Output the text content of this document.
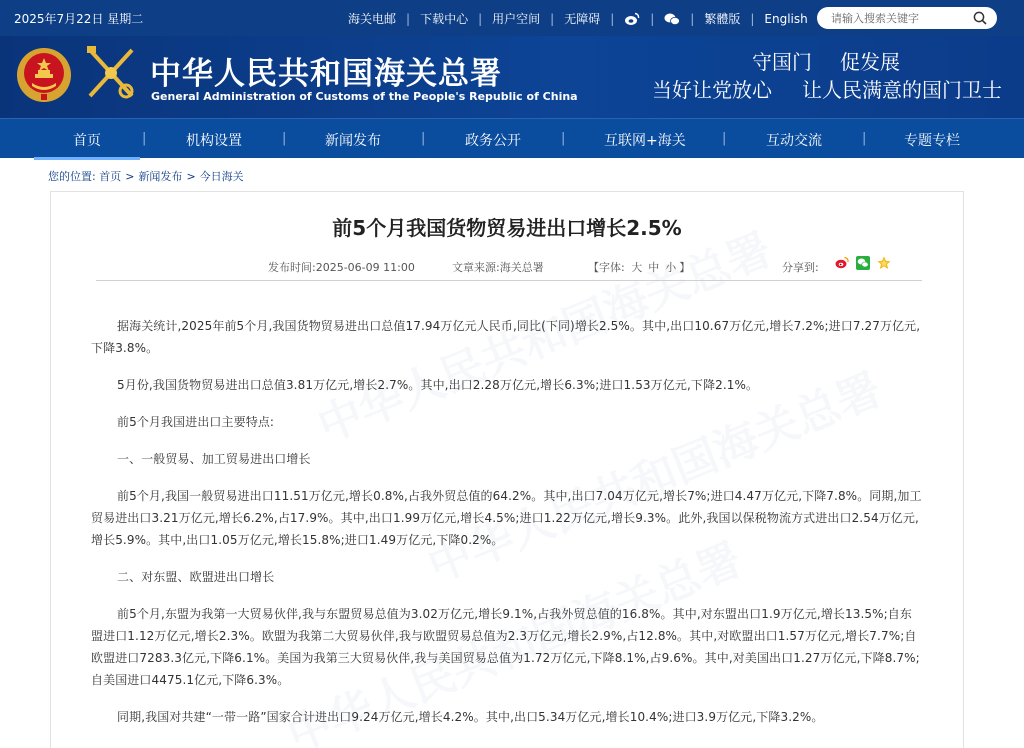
2025年7月22日 星期二	海关电邮 | 下载中心 | 用户空间 | 无障碍 |	|	| 繁體版 | English
请输入搜索关键字
中华人民共和国海关总署
General Administration of Customs of the People's Republic of China
守国门 促发展
当好让党放心 让人民满意的国门卫士
首页	|	机构设置	|	新闻发布	|	政务公开	|	互联网+海关	|	互动交流	|	专题专栏
您的位置: 首页 > 新闻发布 > 今日海关
前5个月我国货物贸易进出口增长2.5%
发布时间:2025-06-09 11:00	文章来源:海关总署	【字体: 大 中 小 】	分享到:

据海关统计,2025年前5个月,我国货物贸易进出口总值17.94万亿元人民币,同比(下同)增长2.5%。其中,出口10.67万亿元,增长7.2%;进口7.27万亿元,下降3.8%。

5月份,我国货物贸易进出口总值3.81万亿元,增长2.7%。其中,出口2.28万亿元,增长6.3%;进口1.53万亿元,下降2.1%。

前5个月我国进出口主要特点:

一、一般贸易、加工贸易进出口增长

前5个月,我国一般贸易进出口11.51万亿元,增长0.8%,占我外贸总值的64.2%。其中,出口7.04万亿元,增长7%;进口4.47万亿元,下降7.8%。同期,加工贸易进出口3.21万亿元,增长6.2%,占17.9%。其中,出口1.99万亿元,增长4.5%;进口1.22万亿元,增长9.3%。此外,我国以保税物流方式进出口2.54万亿元,增长5.9%。其中,出口1.05万亿元,增长15.8%;进口1.49万亿元,下降0.2%。

二、对东盟、欧盟进出口增长

前5个月,东盟为我第一大贸易伙伴,我与东盟贸易总值为3.02万亿元,增长9.1%,占我外贸总值的16.8%。其中,对东盟出口1.9万亿元,增长13.5%;自东盟进口1.12万亿元,增长2.3%。欧盟为我第二大贸易伙伴,我与欧盟贸易总值为2.3万亿元,增长2.9%,占12.8%。其中,对欧盟出口1.57万亿元,增长7.7%;自欧盟进口7283.3亿元,下降6.1%。美国为我第三大贸易伙伴,我与美国贸易总值为1.72万亿元,下降8.1%,占9.6%。其中,对美国出口1.27万亿元,下降8.7%;自美国进口4475.1亿元,下降6.3%。

同期,我国对共建“一带一路”国家合计进出口9.24万亿元,增长4.2%。其中,出口5.34万亿元,增长10.4%;进口3.9万亿元,下降3.2%。
